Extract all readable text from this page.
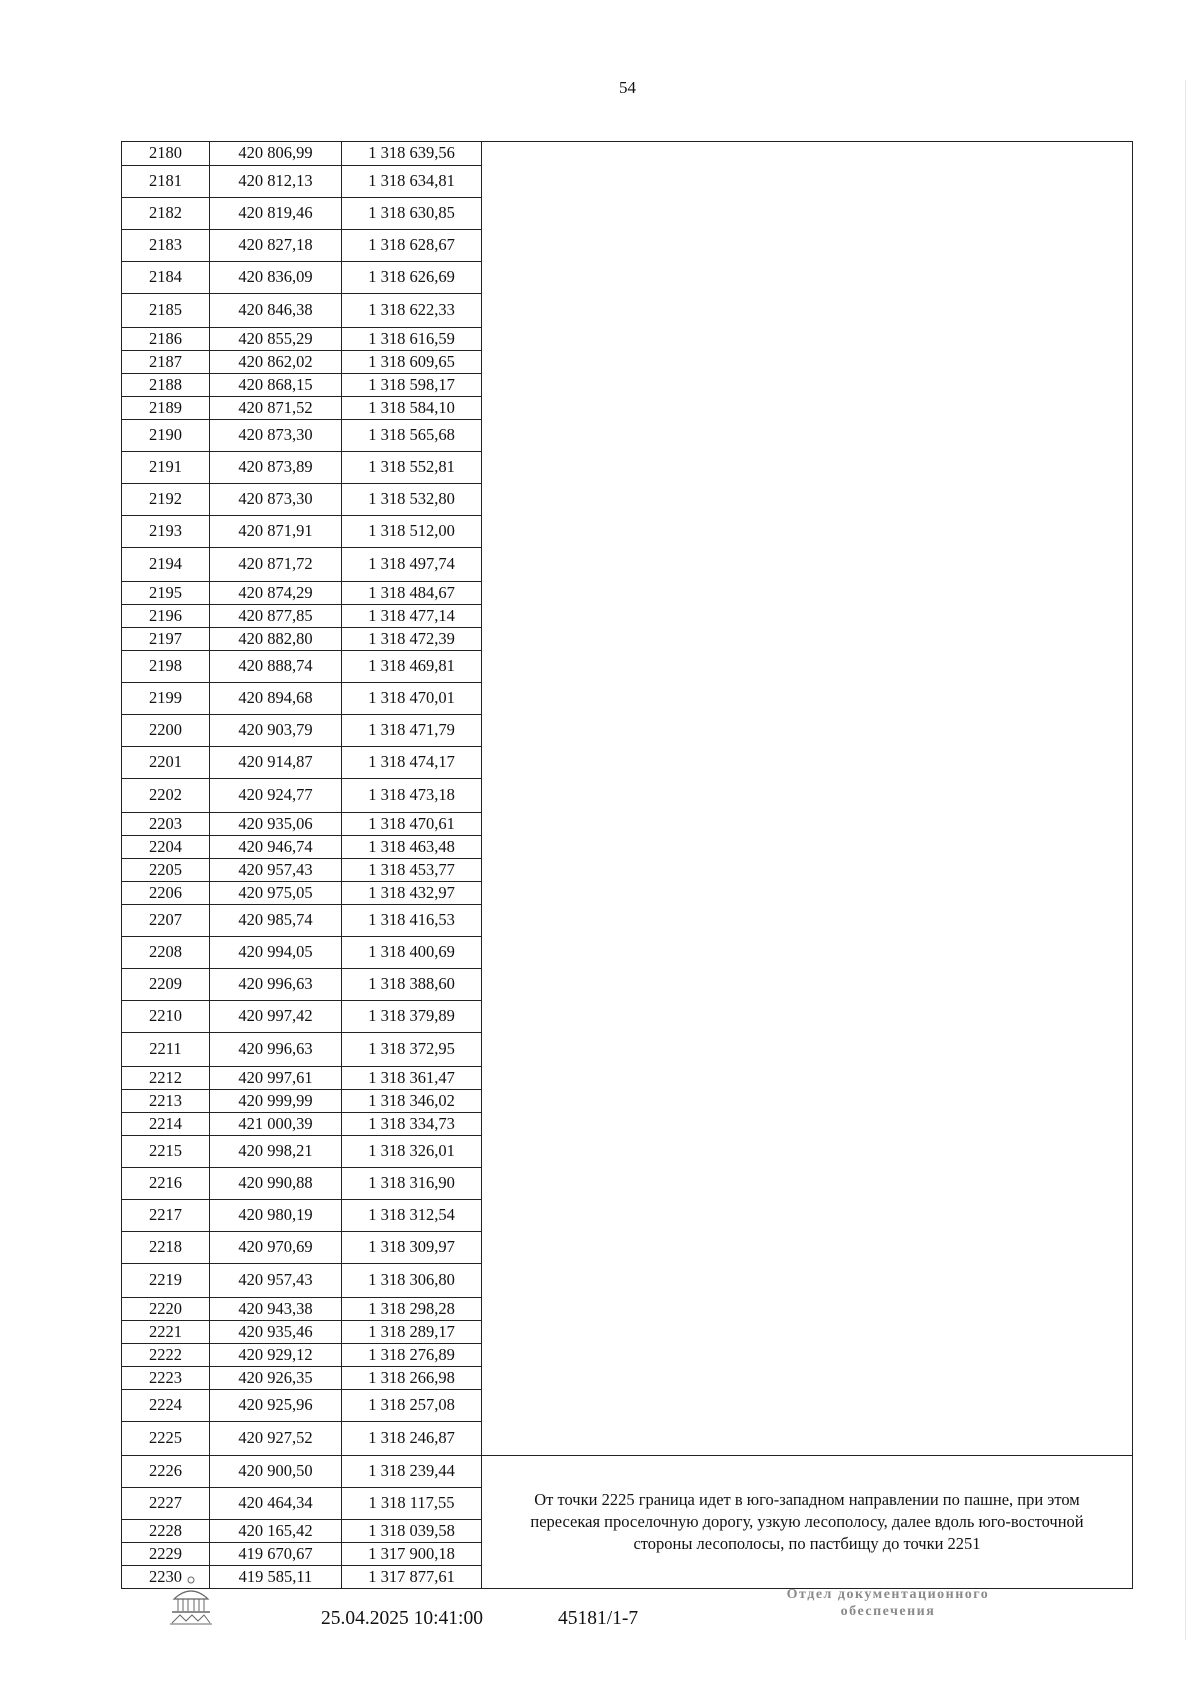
54
2180	420 806,99	1 318 639,56	
2181	420 812,13	1 318 634,81	
2182	420 819,46	1 318 630,85	
2183	420 827,18	1 318 628,67	
2184	420 836,09	1 318 626,69	
2185	420 846,38	1 318 622,33	
2186	420 855,29	1 318 616,59	
2187	420 862,02	1 318 609,65	
2188	420 868,15	1 318 598,17	
2189	420 871,52	1 318 584,10	
2190	420 873,30	1 318 565,68	
2191	420 873,89	1 318 552,81	
2192	420 873,30	1 318 532,80	
2193	420 871,91	1 318 512,00	
2194	420 871,72	1 318 497,74	
2195	420 874,29	1 318 484,67	
2196	420 877,85	1 318 477,14	
2197	420 882,80	1 318 472,39	
2198	420 888,74	1 318 469,81	
2199	420 894,68	1 318 470,01	
2200	420 903,79	1 318 471,79	
2201	420 914,87	1 318 474,17	
2202	420 924,77	1 318 473,18	
2203	420 935,06	1 318 470,61	
2204	420 946,74	1 318 463,48	
2205	420 957,43	1 318 453,77	
2206	420 975,05	1 318 432,97	
2207	420 985,74	1 318 416,53	
2208	420 994,05	1 318 400,69	
2209	420 996,63	1 318 388,60	
2210	420 997,42	1 318 379,89	
2211	420 996,63	1 318 372,95	
2212	420 997,61	1 318 361,47	
2213	420 999,99	1 318 346,02	
2214	421 000,39	1 318 334,73	
2215	420 998,21	1 318 326,01	
2216	420 990,88	1 318 316,90	
2217	420 980,19	1 318 312,54	
2218	420 970,69	1 318 309,97	
2219	420 957,43	1 318 306,80	
2220	420 943,38	1 318 298,28	
2221	420 935,46	1 318 289,17	
2222	420 929,12	1 318 276,89	
2223	420 926,35	1 318 266,98	
2224	420 925,96	1 318 257,08	
2225	420 927,52	1 318 246,87	
2226	420 900,50	1 318 239,44	От точки 2225 граница идет в юго-западном направлении по пашне, при этом пересекая проселочную дорогу, узкую лесополосу, далее вдоль юго-восточной стороны лесополосы, по пастбищу до точки 2251
2227	420 464,34	1 318 117,55	
2228	420 165,42	1 318 039,58	
2229	419 670,67	1 317 900,18	
2230	419 585,11	1 317 877,61	
25.04.2025 10:41:00	45181/1-7
Отдел документационного
обеспечения
